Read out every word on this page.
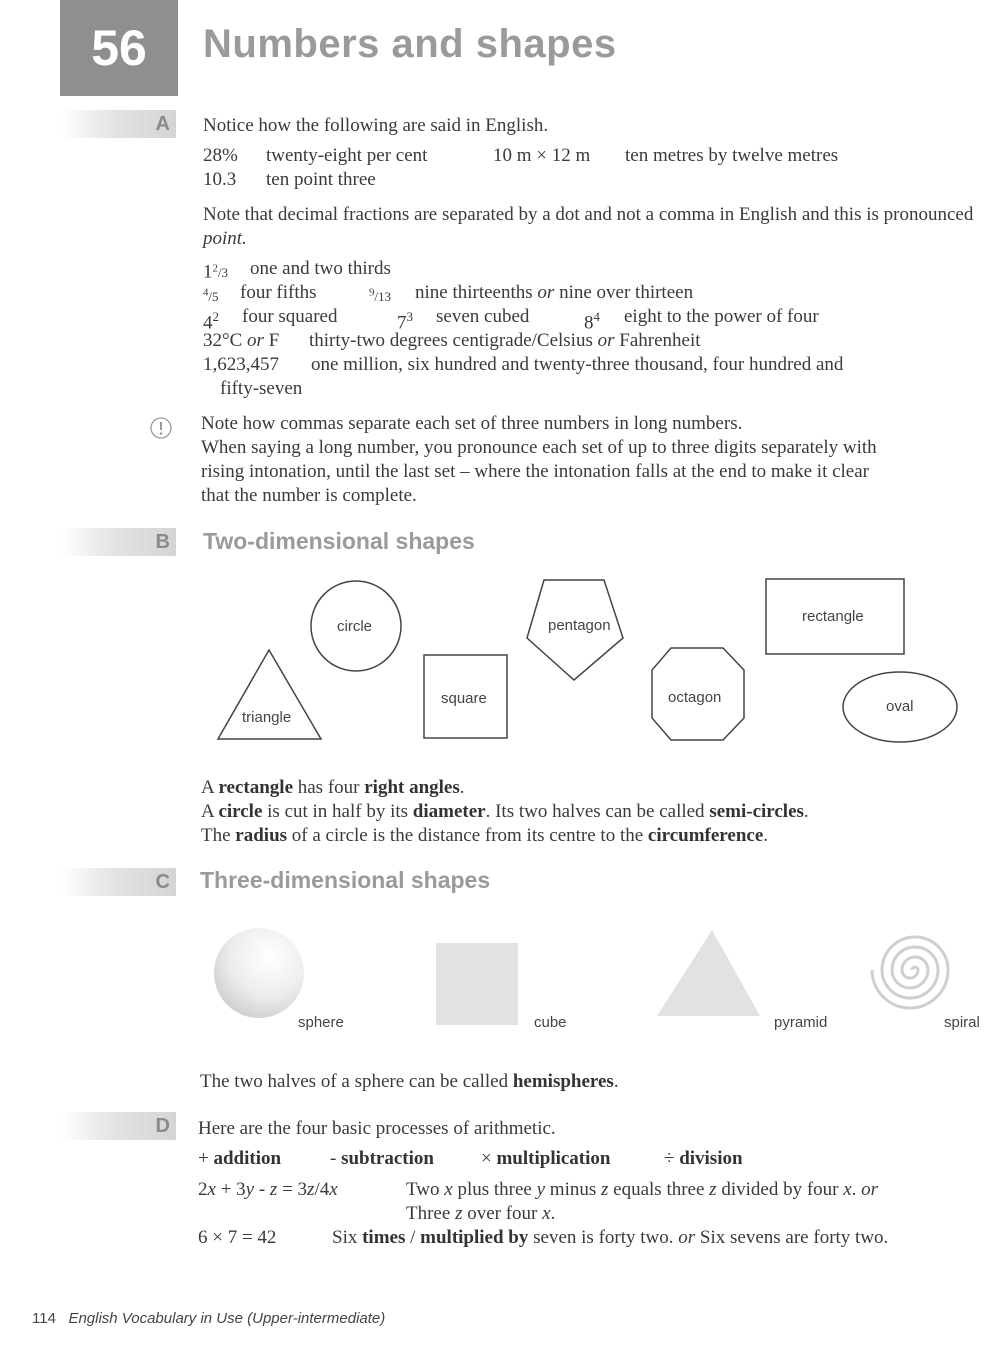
56 Numbers and shapes
A	Notice how the following are said in English.
28% twenty-eight per cent	10 m × 12 m ten metres by twelve metres
10.3 ten point three
Note that decimal fractions are separated by a dot and not a comma in English and this is pronounced point.
$1^2/3$ one and two thirds
$^4$/5 four fifths	$^9$/13 nine thirteenths or nine over thirteen
$4^2$ four squared	$7^3$ seven cubed	$8^4$ eight to the power of four
32°C or F thirty-two degrees centigrade/Celsius or Fahrenheit
1,623,457 one million, six hundred and twenty-three thousand, four hundred and
fifty-seven
Note how commas separate each set of three numbers in long numbers.
When saying a long number, you pronounce each set of up to three digits separately with
rising intonation, until the last set – where the intonation falls at the end to make it clear
that the number is complete.
B Two-dimensional shapes
triangle
circle
square
pentagon
octagon
rectangle
oval
A rectangle has four right angles.
A circle is cut in half by its diameter. Its two halves can be called semi-circles.
The radius of a circle is the distance from its centre to the circumference.
C Three-dimensional shapes
sphere	cube	pyramid	spiral
The two halves of a sphere can be called hemispheres.
D	Here are the four basic processes of arithmetic.
+ addition	- subtraction × multiplication	÷ division
2x + 3y - z = 3z/4x	Two x plus three y minus z equals three z divided by four x. or
Three z over four x.
6 × 7 = 42	Six times / multiplied by seven is forty two. or Six sevens are forty two.
114 English Vocabulary in Use (Upper-intermediate)
